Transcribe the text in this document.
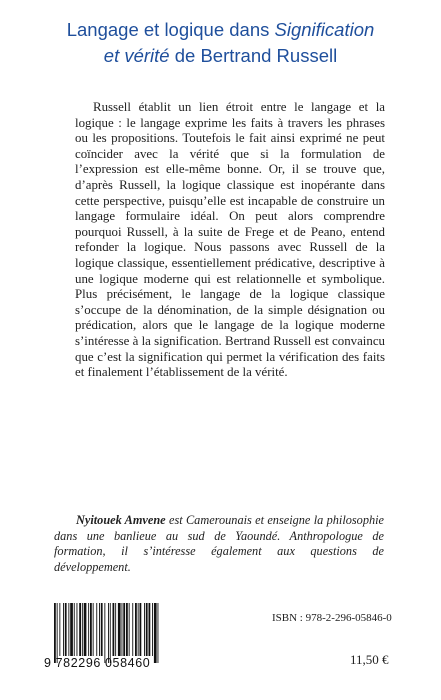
Langage et logique dans Signification
et vérité de Bertrand Russell

Russell établit un lien étroit entre le langage et la logique : le langage exprime les faits à travers les phrases ou les propositions. Toutefois le fait ainsi exprimé ne peut coïncider avec la vérité que si la formulation de l’expression est elle-même bonne. Or, il se trouve que, d’après Russell, la logique classique est inopérante dans cette perspective, puisqu’elle est incapable de construire un langage formulaire idéal. On peut alors comprendre pourquoi Russell, à la suite de Frege et de Peano, entend refonder la logique. Nous passons avec Russell de la logique classique, essentiellement prédicative, descriptive à une logique moderne qui est relationnelle et symbolique. Plus précisément, le langage de la logique classique s’occupe de la dénomination, de la simple désignation ou prédication, alors que le langage de la logique moderne s’intéresse à la signification. Bertrand Russell est convaincu que c’est la signification qui permet la vérification des faits et finalement l’établissement de la vérité.

Nyitouek Amvene est Camerounais et enseigne la philosophie dans une banlieue au sud de Yaoundé. Anthropologue de formation, il s’intéresse également aux questions de développement.

9 782296 058460
ISBN : 978-2-296-05846-0
11,50 €
